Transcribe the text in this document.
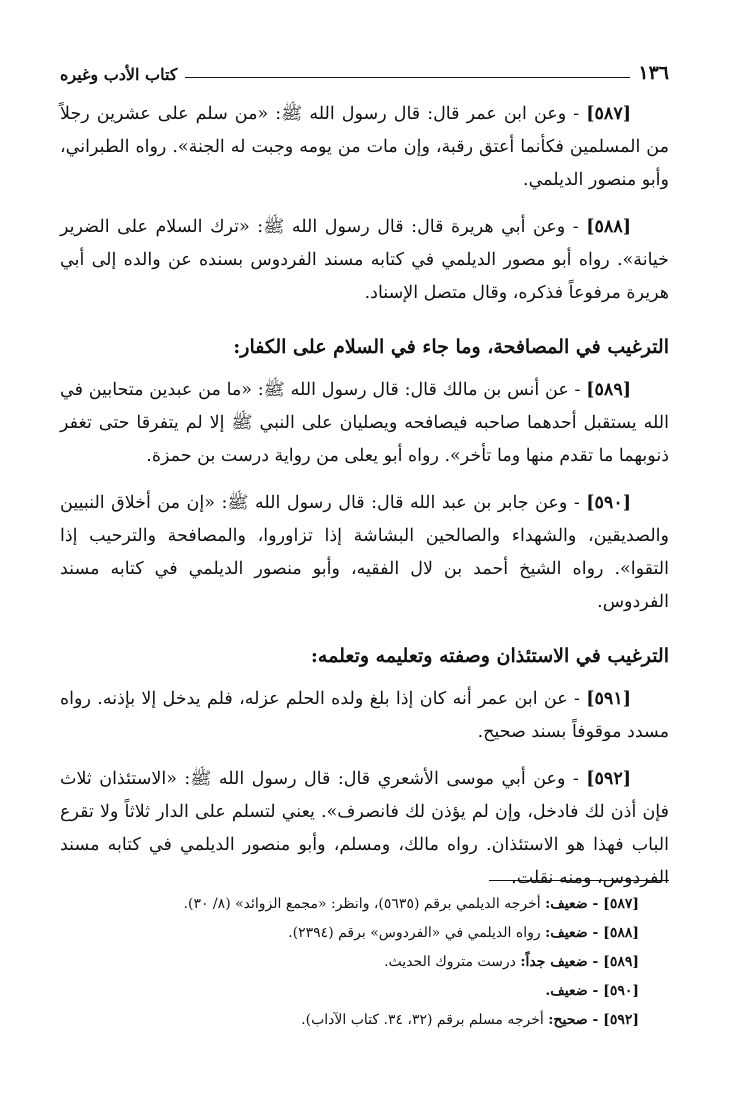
١٣٦
كتاب الأدب وغيره

[٥٨٧] - وعن ابن عمر قال: قال رسول الله ﷺ: «من سلم على عشرين رجلاً من المسلمين فكأنما أعتق رقبة، وإن مات من يومه وجبت له الجنة». رواه الطبراني، وأبو منصور الديلمي.

[٥٨٨] - وعن أبي هريرة قال: قال رسول الله ﷺ: «ترك السلام على الضرير خيانة». رواه أبو مصور الديلمي في كتابه مسند الفردوس بسنده عن والده إلى أبي هريرة مرفوعاً فذكره، وقال متصل الإسناد.

الترغيب في المصافحة، وما جاء في السلام على الكفار:

[٥٨٩] - عن أنس بن مالك قال: قال رسول الله ﷺ: «ما من عبدين متحابين في الله يستقبل أحدهما صاحبه فيصافحه ويصليان على النبي ﷺ إلا لم يتفرقا حتى تغفر ذنوبهما ما تقدم منها وما تأخر». رواه أبو يعلى من رواية درست بن حمزة.

[٥٩٠] - وعن جابر بن عبد الله قال: قال رسول الله ﷺ: «إن من أخلاق النبيين والصديقين، والشهداء والصالحين البشاشة إذا تزاوروا، والمصافحة والترحيب إذا التقوا». رواه الشيخ أحمد بن لال الفقيه، وأبو منصور الديلمي في كتابه مسند الفردوس.

الترغيب في الاستئذان وصفته وتعليمه وتعلمه:

[٥٩١] - عن ابن عمر أنه كان إذا بلغ ولده الحلم عزله، فلم يدخل إلا بإذنه. رواه مسدد موقوفاً بسند صحيح.

[٥٩٢] - وعن أبي موسى الأشعري قال: قال رسول الله ﷺ: «الاستئذان ثلاث فإن أذن لك فادخل، وإن لم يؤذن لك فانصرف». يعني لتسلم على الدار ثلاثاً ولا تقرع الباب فهذا هو الاستئذان. رواه مالك، ومسلم، وأبو منصور الديلمي في كتابه مسند الفردوس، ومنه نقلت.

[٥٨٧] - ضعيف: أخرجه الديلمي برقم (٥٦٣٥)، وانظر: «مجمع الزوائد» (٨/ ٣٠).
[٥٨٨] - ضعيف: رواه الديلمي في «الفردوس» برقم (٢٣٩٤).
[٥٨٩] - ضعيف جداً: درست متروك الحديث.
[٥٩٠] - ضعيف.
[٥٩٢] - صحيح: أخرجه مسلم برقم (٣٢، ٣٤. كتاب الآداب).
